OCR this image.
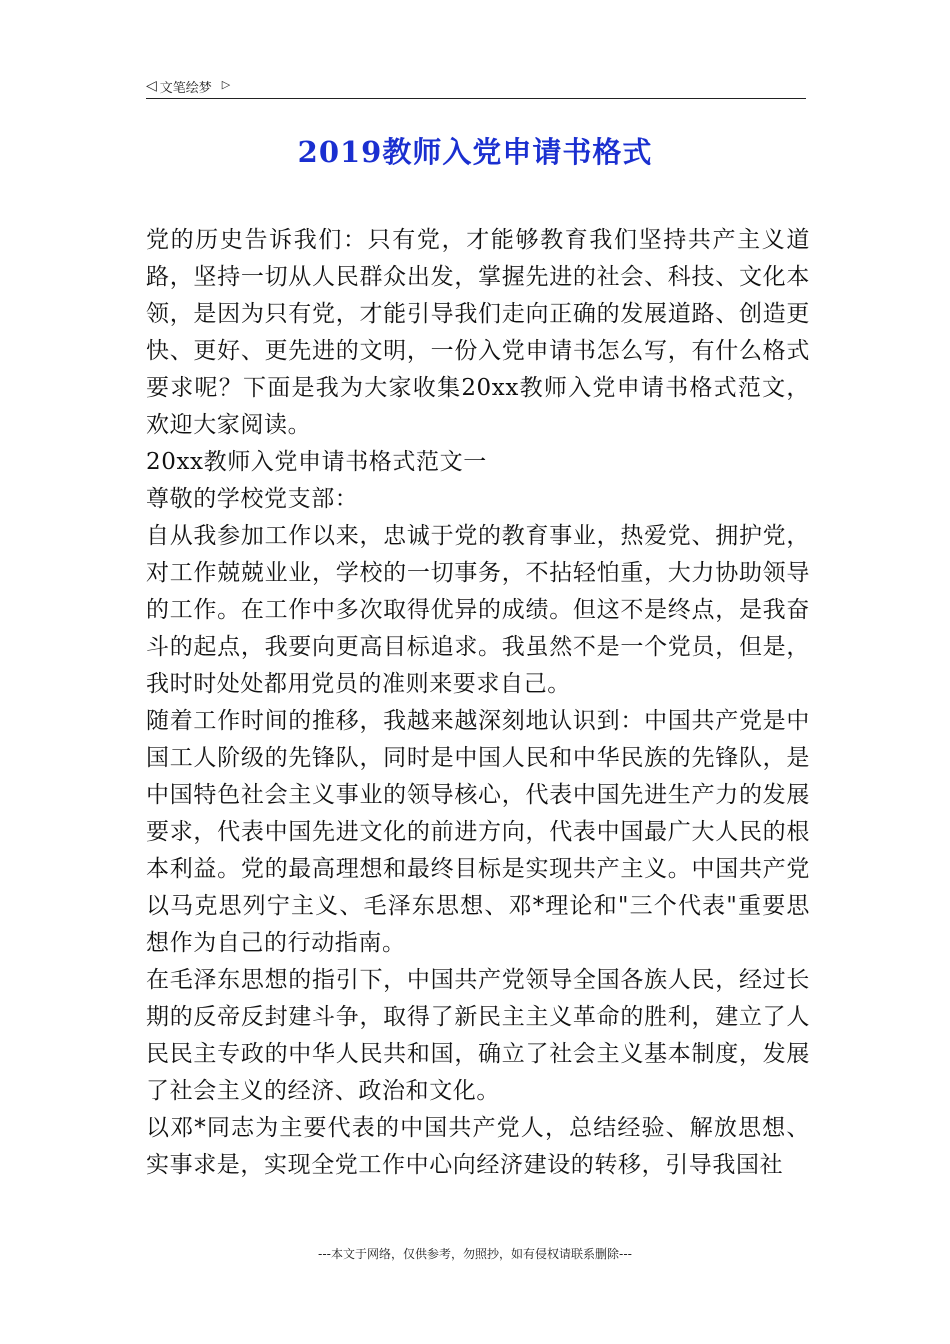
◁ 文笔绘梦 ▷
2019教师入党申请书格式

党的历史告诉我们：只有党，才能够教育我们坚持共产主义道路，坚持一切从人民群众出发，掌握先进的社会、科技、文化本领，是因为只有党，才能引导我们走向正确的发展道路、创造更快、更好、更先进的文明，一份入党申请书怎么写，有什么格式要求呢？下面是我为大家收集20xx教师入党申请书格式范文，欢迎大家阅读。

20xx教师入党申请书格式范文一

尊敬的学校党支部：

自从我参加工作以来，忠诚于党的教育事业，热爱党、拥护党，对工作兢兢业业，学校的一切事务，不拈轻怕重，大力协助领导的工作。在工作中多次取得优异的成绩。但这不是终点，是我奋斗的起点，我要向更高目标追求。我虽然不是一个党员，但是，我时时处处都用党员的准则来要求自己。

随着工作时间的推移，我越来越深刻地认识到：中国共产党是中国工人阶级的先锋队，同时是中国人民和中华民族的先锋队，是中国特色社会主义事业的领导核心，代表中国先进生产力的发展要求，代表中国先进文化的前进方向，代表中国最广大人民的根本利益。党的最高理想和最终目标是实现共产主义。中国共产党以马克思列宁主义、毛泽东思想、邓*理论和"三个代表"重要思想作为自己的行动指南。

在毛泽东思想的指引下，中国共产党领导全国各族人民，经过长期的反帝反封建斗争，取得了新民主主义革命的胜利，建立了人民民主专政的中华人民共和国，确立了社会主义基本制度，发展了社会主义的经济、政治和文化。

以邓*同志为主要代表的中国共产党人，总结经验、解放思想、实事求是，实现全党工作中心向经济建设的转移，引导我国社

---本文于网络，仅供参考，勿照抄，如有侵权请联系删除---
